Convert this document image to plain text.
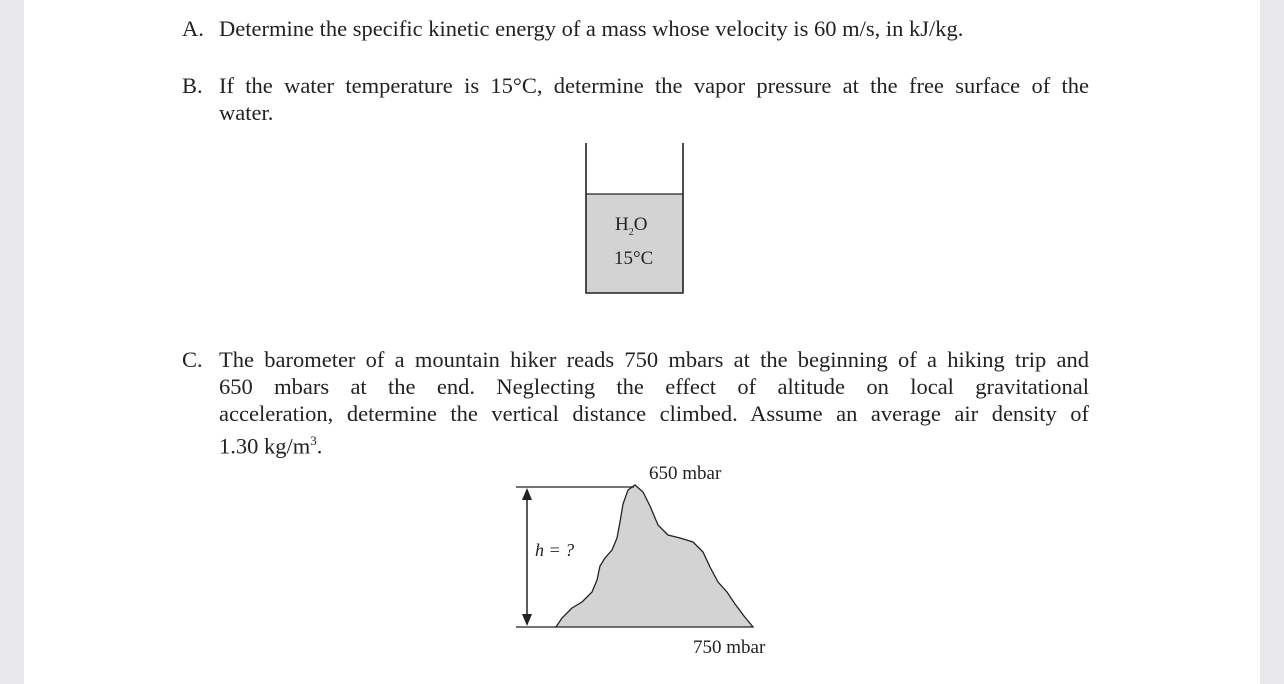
A. Determine the specific kinetic energy of a mass whose velocity is 60 m/s, in kJ/kg.
B. If the water temperature is 15°C, determine the vapor pressure at the free surface of the
water.
$H_2O$
15°C
C. The barometer of a mountain hiker reads 750 mbars at the beginning of a hiking trip and
650 mbars at the end. Neglecting the effect of altitude on local gravitational
acceleration, determine the vertical distance climbed. Assume an average air density of
1.30 $kg/m^3$.
650 mbar
h = ?
750 mbar
